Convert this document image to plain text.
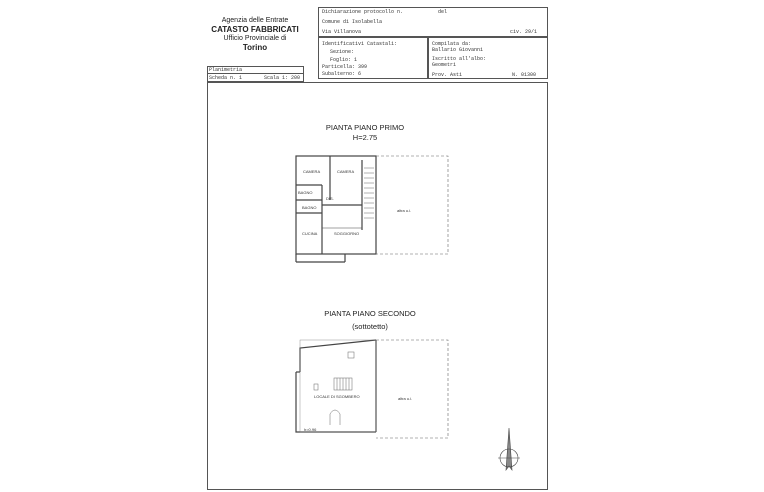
Agenzia delle Entrate
CATASTO FABBRICATI
Ufficio Provinciale di
Torino
Dichiarazione protocollo n.	del
Comune di Isolabella
Via Villanova	civ. 29/1
Identificativi Catastali:
Sezione:
Foglio: 1
Particella: 399
Subalterno: 6
Compilata da:
Ballario Giovanni
Iscritto all'albo:
Geometri
Prov. Asti	N. 01300
Planimetria
Scheda n. 1	Scala 1: 200
PIANTA PIANO PRIMO
H=2.75
PIANTA PIANO SECONDO
(sottotetto)
CAMERA	CAMERA
BAGNO
DIS.
BAGNO
CUCINA	SOGGIORNO
altra u.i.
altra u.i.
LOCALE DI SGOMBERO
h=0.96
